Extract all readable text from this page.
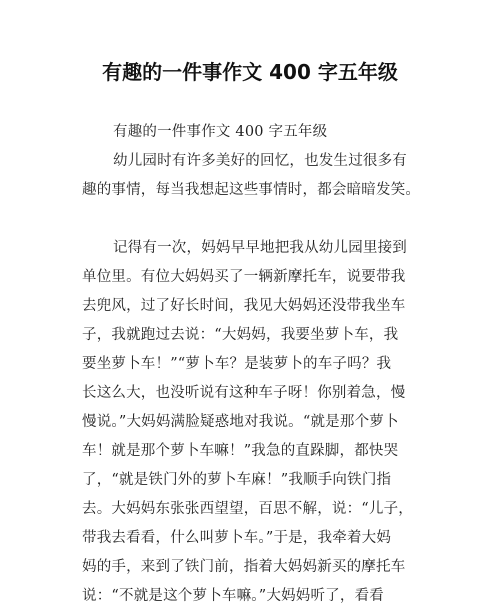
有趣的一件事作文 400 字五年级
有趣的一件事作文 400 字五年级
幼儿园时有许多美好的回忆，也发生过很多有
趣的事情，每当我想起这些事情时，都会暗暗发笑。
记得有一次，妈妈早早地把我从幼儿园里接到
单位里。有位大妈妈买了一辆新摩托车，说要带我
去兜风，过了好长时间，我见大妈妈还没带我坐车
子，我就跑过去说：“大妈妈，我要坐萝卜车，我
要坐萝卜车！”“萝卜车？是装萝卜的车子吗？我
长这么大，也没听说有这种车子呀！你别着急，慢
慢说。”大妈妈满脸疑惑地对我说。“就是那个萝卜
车！就是那个萝卜车嘛！”我急的直跺脚，都快哭
了，“就是铁门外的萝卜车麻！”我顺手向铁门指
去。大妈妈东张张西望望，百思不解，说：“儿子，
带我去看看，什么叫萝卜车。”于是，我牵着大妈
妈的手，来到了铁门前，指着大妈妈新买的摩托车
说：“不就是这个萝卜车嘛。”大妈妈听了，看看
